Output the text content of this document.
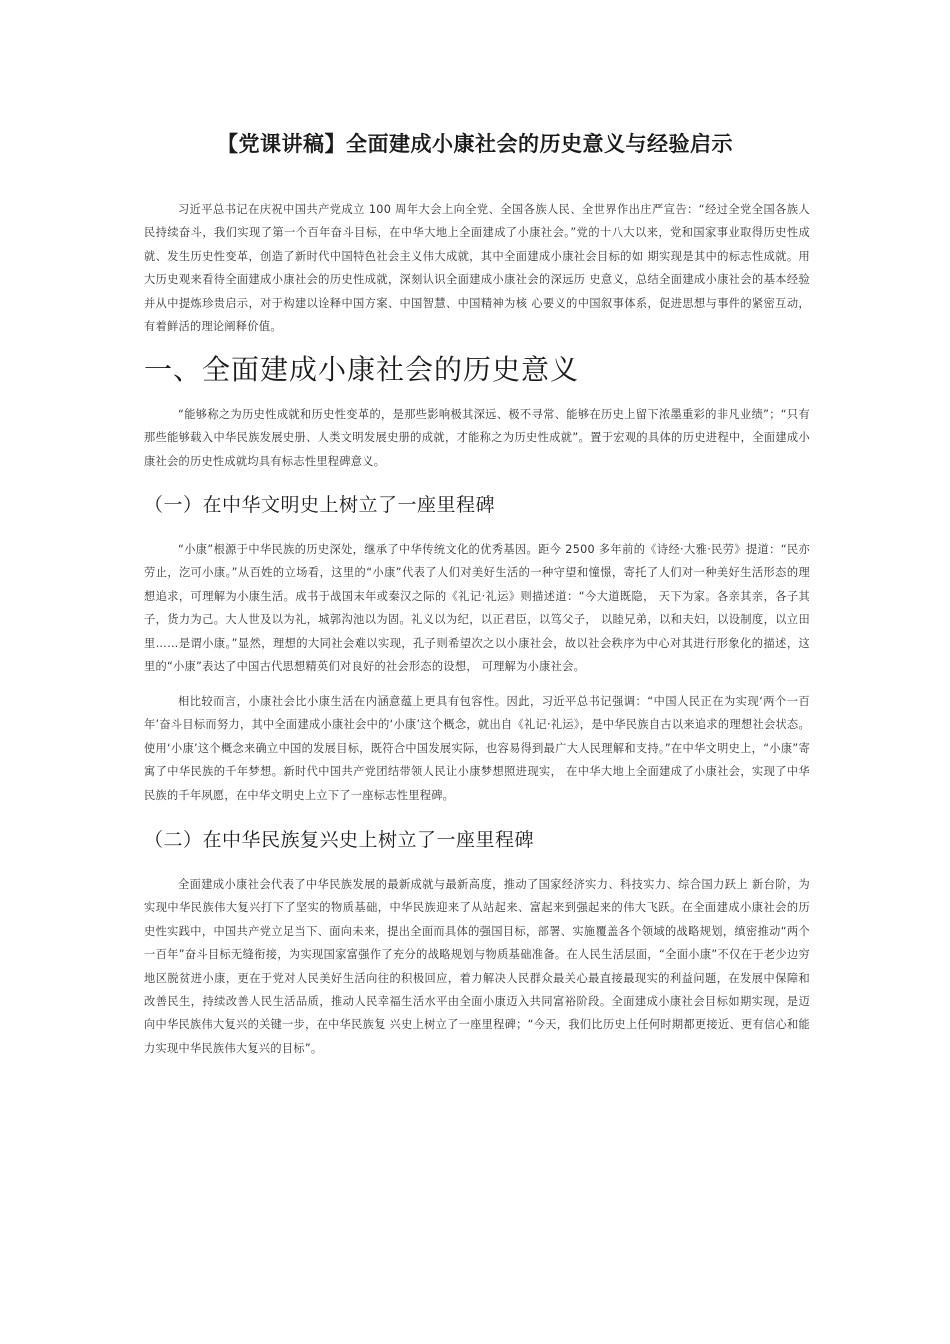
【党课讲稿】全面建成小康社会的历史意义与经验启示

习近平总书记在庆祝中国共产党成立 100 周年大会上向全党、全国各族人民、全世界作出庄严宣告：“经过全党全国各族人民持续奋斗，我们实现了第一个百年奋斗目标，在中华大地上全面建成了小康社会。”党的十八大以来，党和国家事业取得历史性成就、发生历史性变革，创造了新时代中国特色社会主义伟大成就，其中全面建成小康社会目标的如 期实现是其中的标志性成就。用大历史观来看待全面建成小康社会的历史性成就，深刻认识全面建成小康社会的深远历 史意义，总结全面建成小康社会的基本经验并从中提炼珍贵启示，对于构建以诠释中国方案、中国智慧、中国精神为核 心要义的中国叙事体系，促进思想与事件的紧密互动，有着鲜活的理论阐释价值。

一、全面建成小康社会的历史意义

“能够称之为历史性成就和历史性变革的，是那些影响极其深远、极不寻常、能够在历史上留下浓墨重彩的非凡业绩”；“只有那些能够载入中华民族发展史册、人类文明发展史册的成就，才能称之为历史性成就”。置于宏观的具体的历史进程中，全面建成小康社会的历史性成就均具有标志性里程碑意义。

（一）在中华文明史上树立了一座里程碑

“小康”根源于中华民族的历史深处，继承了中华传统文化的优秀基因。距今 2500 多年前的《诗经·大雅·民劳》提道：“民亦劳止，汔可小康。”从百姓的立场看，这里的“小康”代表了人们对美好生活的一种守望和憧憬，寄托了人们对一种美好生活形态的理想追求，可理解为小康生活。成书于战国末年或秦汉之际的《礼记·礼运》则描述道：“今大道既隐， 天下为家。各亲其亲，各子其子，货力为己。大人世及以为礼，城郭沟池以为固。礼义以为纪，以正君臣，以笃父子， 以睦兄弟，以和夫妇，以设制度，以立田里……是谓小康。”显然，理想的大同社会难以实现，孔子则希望次之以小康社会，故以社会秩序为中心对其进行形象化的描述，这里的“小康”表达了中国古代思想精英们对良好的社会形态的设想， 可理解为小康社会。

相比较而言，小康社会比小康生活在内涵意蕴上更具有包容性。因此，习近平总书记强调：“中国人民正在为实现‘两个一百年’奋斗目标而努力，其中全面建成小康社会中的‘小康’这个概念，就出自《礼记·礼运》，是中华民族自古以来追求的理想社会状态。使用‘小康’这个概念来确立中国的发展目标，既符合中国发展实际，也容易得到最广大人民理解和支持。”在中华文明史上，“小康”寄寓了中华民族的千年梦想。新时代中国共产党团结带领人民让小康梦想照进现实， 在中华大地上全面建成了小康社会，实现了中华民族的千年夙愿，在中华文明史上立下了一座标志性里程碑。

（二）在中华民族复兴史上树立了一座里程碑

全面建成小康社会代表了中华民族发展的最新成就与最新高度，推动了国家经济实力、科技实力、综合国力跃上 新台阶，为实现中华民族伟大复兴打下了坚实的物质基础，中华民族迎来了从站起来、富起来到强起来的伟大飞跃。在全面建成小康社会的历史性实践中，中国共产党立足当下、面向未来，提出全面而具体的强国目标，部署、实施覆盖各个领域的战略规划，缜密推动“两个一百年”奋斗目标无缝衔接，为实现国家富强作了充分的战略规划与物质基础准备。在人民生活层面，“全面小康”不仅在于老少边穷地区脱贫进小康，更在于党对人民美好生活向往的积极回应，着力解决人民群众最关心最直接最现实的利益问题，在发展中保障和改善民生，持续改善人民生活品质，推动人民幸福生活水平由全面小康迈入共同富裕阶段。全面建成小康社会目标如期实现，是迈向中华民族伟大复兴的关键一步，在中华民族复 兴史上树立了一座里程碑；“今天，我们比历史上任何时期都更接近、更有信心和能力实现中华民族伟大复兴的目标”。
